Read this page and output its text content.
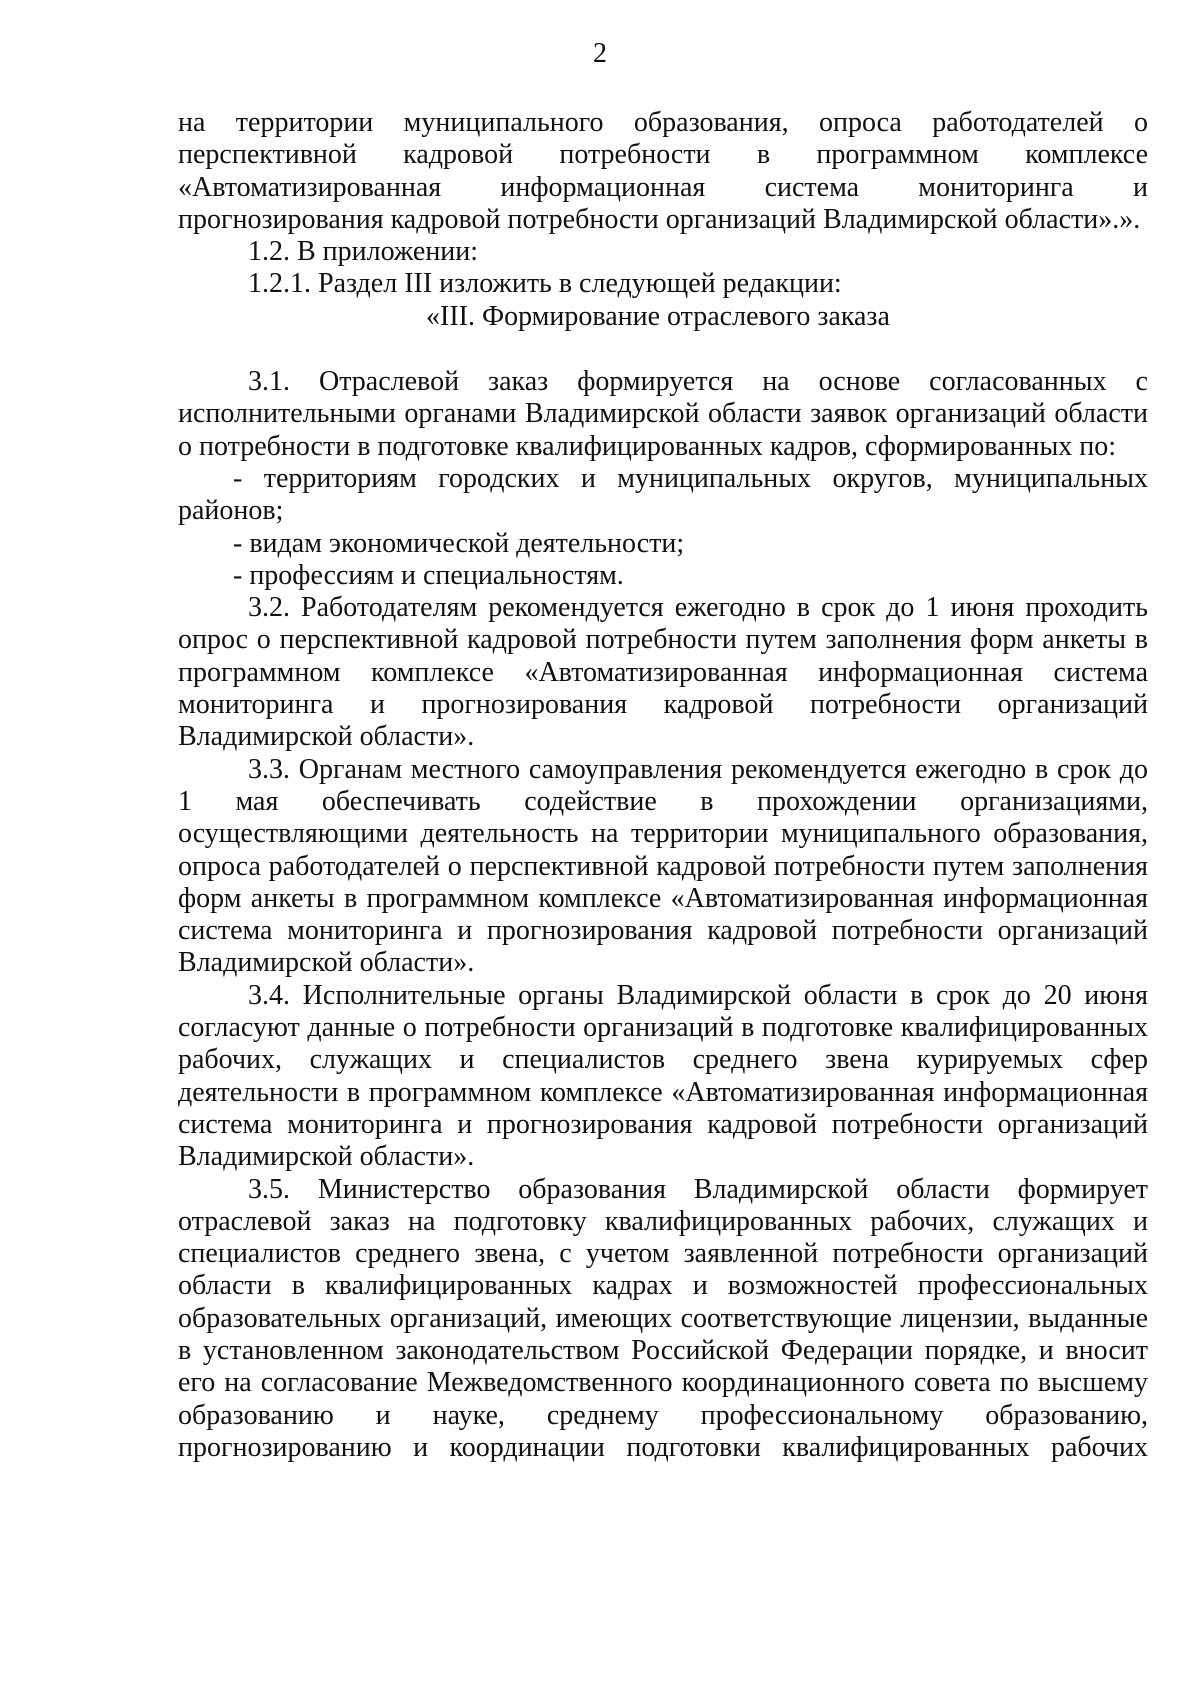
2

на территории муниципального образования, опроса работодателей о перспективной кадровой потребности в программном комплексе «Автоматизированная информационная система мониторинга и прогнозирования кадровой потребности организаций Владимирской области».».

1.2. В приложении:

1.2.1. Раздел III изложить в следующей редакции:

«III. Формирование отраслевого заказа

3.1. Отраслевой заказ формируется на основе согласованных с исполнительными органами Владимирской области заявок организаций области о потребности в подготовке квалифицированных кадров, сформированных по:

- территориям городских и муниципальных округов, муниципальных районов;

- видам экономической деятельности;

- профессиям и специальностям.

3.2. Работодателям рекомендуется ежегодно в срок до 1 июня проходить опрос о перспективной кадровой потребности путем заполнения форм анкеты в программном комплексе «Автоматизированная информационная система мониторинга и прогнозирования кадровой потребности организаций Владимирской области».

3.3. Органам местного самоуправления рекомендуется ежегодно в срок до 1 мая обеспечивать содействие в прохождении организациями, осуществляющими деятельность на территории муниципального образования, опроса работодателей о перспективной кадровой потребности путем заполнения форм анкеты в программном комплексе «Автоматизированная информационная система мониторинга и прогнозирования кадровой потребности организаций Владимирской области».

3.4. Исполнительные органы Владимирской области в срок до 20 июня согласуют данные о потребности организаций в подготовке квалифицированных рабочих, служащих и специалистов среднего звена курируемых сфер деятельности в программном комплексе «Автоматизированная информационная система мониторинга и прогнозирования кадровой потребности организаций Владимирской области».

3.5. Министерство образования Владимирской области формирует отраслевой заказ на подготовку квалифицированных рабочих, служащих и специалистов среднего звена, с учетом заявленной потребности организаций области в квалифицированных кадрах и возможностей профессиональных образовательных организаций, имеющих соответствующие лицензии, выданные в установленном законодательством Российской Федерации порядке, и вносит его на согласование Межведомственного координационного совета по высшему образованию и науке, среднему профессиональному образованию, прогнозированию и координации подготовки квалифицированных рабочих
